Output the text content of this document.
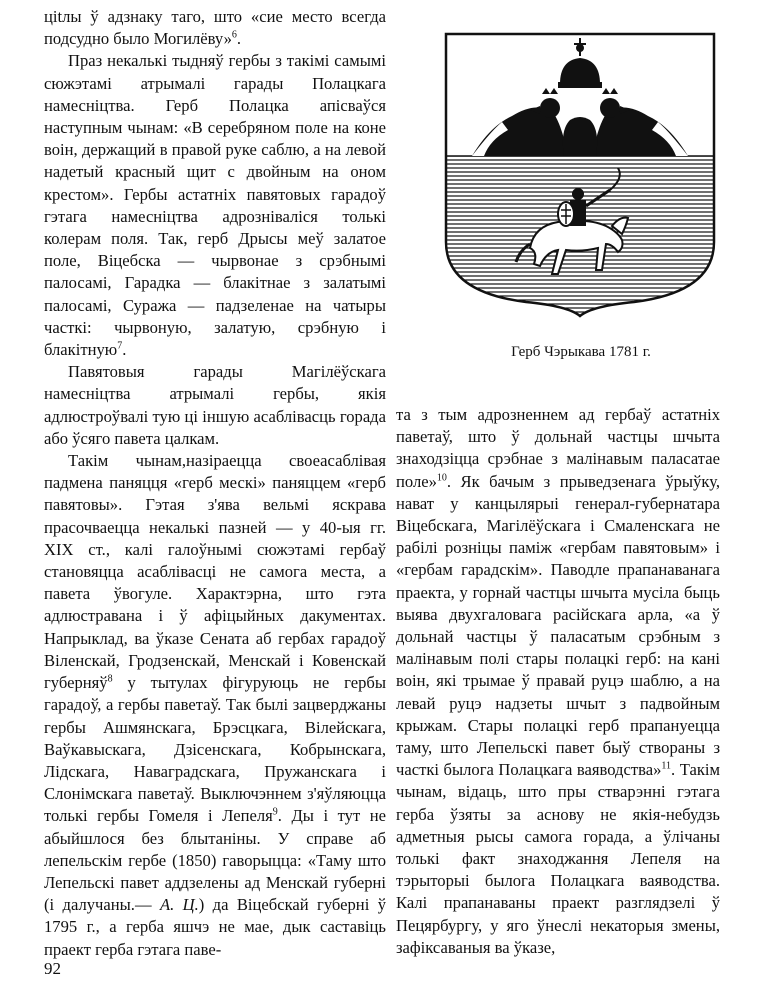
ціtлы ў адзнаку таго, што «сие место всегда подсудно было Могилёву»$^6$.

Праз некалькі тыдняў гербы з такімі самымі сюжэтамі атрымалі гарады Полацкага намесніцтва. Герб Полацка апісваўся наступным чынам: «В серебряном поле на коне воін, держащий в правой руке саблю, а на левой надетый красный щит с двойным на оном крестом». Гербы астатніх павятовых гарадоў гэтага намесніцтва адрозніваліся толькі колерам поля. Так, герб Дрысы меў залатое поле, Віцебска — чырвонае з срэбнымі палосамі, Гарадка — блакітнае з залатымі палосамі, Суража — падзеленае на чатыры часткі: чырвоную, залатую, срэбную і блакітную$^7$.

Павятовыя гарады Магілёўскага намесніцтва атрымалі гербы, якія адлюстроўвалі тую ці іншую асаблівасць горада або ўсяго павета цалкам.

Такім чынам,назіраецца своеасаблівая падмена паняцця «герб мескі» паняццем «герб павятовы». Гэтая з'ява вельмі яскрава прасочваецца некалькі пазней — у 40-ыя гг. XIX ст., калі галоўнымі сюжэтамі гербаў становяцца асаблівасці не самога места, а павета ўвогуле. Характэрна, што гэта адлюстравана і ў афіцыйных дакументах. Напрыклад, ва ўказе Сената аб гербах гарадоў Віленскай, Гродзенскай, Менскай і Ковенскай губерняў$^8$ у тытулах фігуруюць не гербы гарадоў, а гербы паветаў. Так былі зацверджаны гербы Ашмянскага, Брэсцкага, Вілейскага, Ваўкавыскага, Дзісенскага, Кобрынскага, Лідскага, Наваградскага, Пружанскага і Слонімскага паветаў. Выключэннем з'яўляюцца толькі гербы Гомеля і Лепеля$^9$. Ды і тут не абыйшлося без блытаніны. У справе аб лепельскім гербе (1850) гаворыцца: «Таму што Лепельскі павет аддзелены ад Менскай губерні (і далучаны.— А. Ц.) да Віцебскай губерні ў 1795 г., а герба яшчэ не мае, дык саставіць праект герба гэтага паве-

Герб Чэрыкава 1781 г.

та з тым адрозненнем ад гербаў астатніх паветаў, што ў дольнай частцы шчыта знаходзіцца срэбнае з малінавым паласатае поле»$^{10}$. Як бачым з прыведзенага ўрыўку, нават у канцылярыі генерал-губернатара Віцебскага, Магілёўскага і Смаленскага не рабілі розніцы паміж «гербам павятовым» і «гербам гарадскім». Паводле прапанаванага праекта, у горнай частцы шчыта мусіла быць выява двухгаловага расійскага арла, «а ў дольнай частцы ў паласатым срэбным з малінавым полі стары полацкі герб: на кані воін, які трымае ў правай руцэ шаблю, а на левай руцэ надзеты шчыт з падвойным крыжам. Стары полацкі герб прапануецца таму, што Лепельскі павет быў створаны з часткі былога Полацкага ваяводства»$^{11}$. Такім чынам, відаць, што пры стварэнні гэтага герба ўзяты за аснову не якія-небудзь адметныя рысы самога горада, а ўлічаны толькі факт знаходжання Лепеля на тэрыторыі былога Полацкага ваяводства. Калі прапанаваны праект разглядзелі ў Пецярбургу, у яго ўнеслі некаторыя змены, зафіксаваныя ва ўказе,

92
